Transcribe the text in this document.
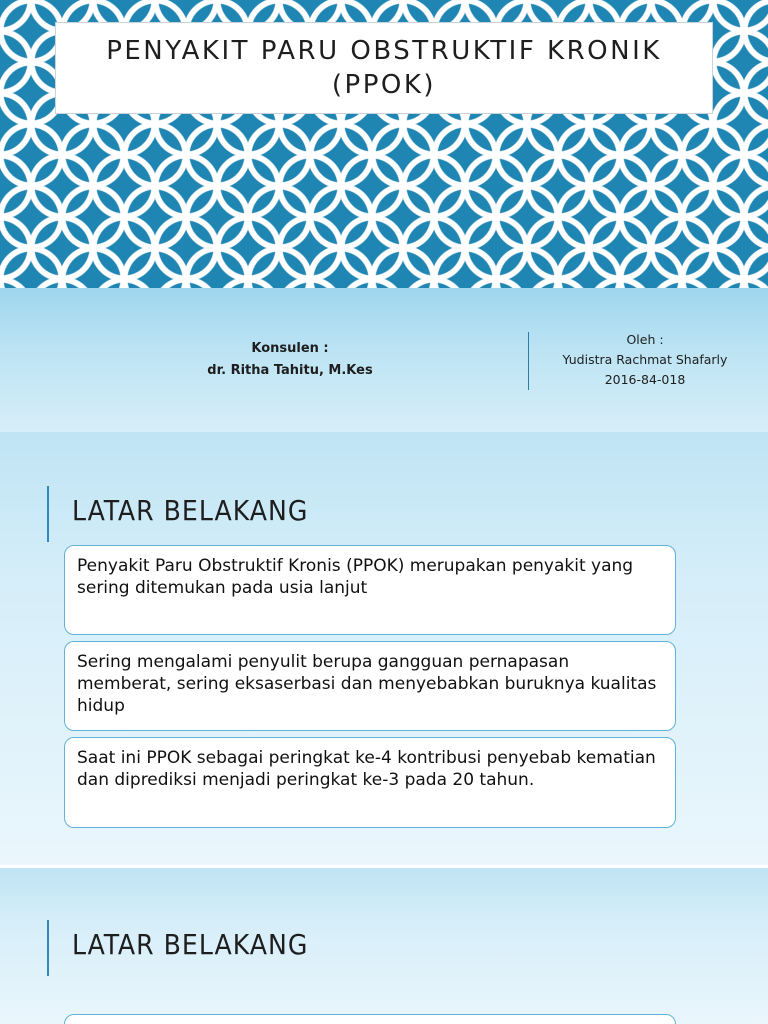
PENYAKIT PARU OBSTRUKTIF KRONIK (PPOK)
Konsulen :
dr. Ritha Tahitu, M.Kes
Oleh :
Yudistra Rachmat Shafarly
2016-84-018
LATAR BELAKANG
Penyakit Paru Obstruktif Kronis (PPOK) merupakan penyakit yang sering ditemukan pada usia lanjut
Sering mengalami penyulit berupa gangguan pernapasan memberat, sering eksaserbasi dan menyebabkan buruknya kualitas hidup
Saat ini PPOK sebagai peringkat ke-4 kontribusi penyebab kematian dan diprediksi menjadi peringkat ke-3 pada 20 tahun.
LATAR BELAKANG
